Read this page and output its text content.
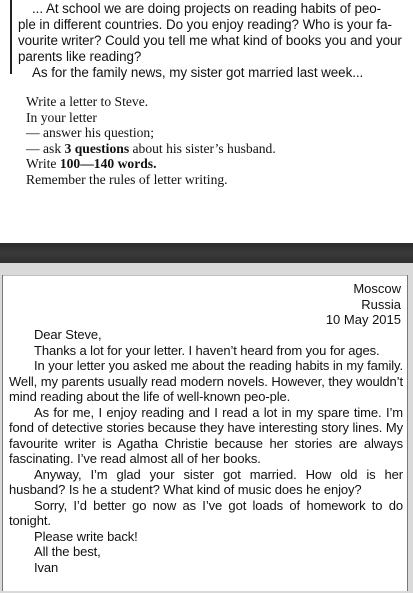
... At school we are doing projects on reading habits of peo-

ple in different countries. Do you enjoy reading? Who is your fa-

vourite writer? Could you tell me what kind of books you and your

parents like reading?

As for the family news, my sister got married last week...

Write a letter to Steve.

In your letter

— answer his question;

— ask 3 questions about his sister’s husband.

Write 100—140 words.

Remember the rules of letter writing.

Moscow
Russia
10 May 2015

Dear Steve,

Thanks a lot for your letter. I haven’t heard from you for ages.

In your letter you asked me about the reading habits in my family. Well, my parents usually read modern novels. However, they wouldn’t mind reading about the life of well-known peo-ple.

As for me, I enjoy reading and I read a lot in my spare time. I’m fond of detective stories because they have interesting story lines. My favourite writer is Agatha Christie because her stories are always fascinating. I’ve read almost all of her books.

Anyway, I’m glad your sister got married. How old is her husband? Is he a student? What kind of music does he enjoy?

Sorry, I’d better go now as I’ve got loads of homework to do tonight.

Please write back!

All the best,

Ivan
